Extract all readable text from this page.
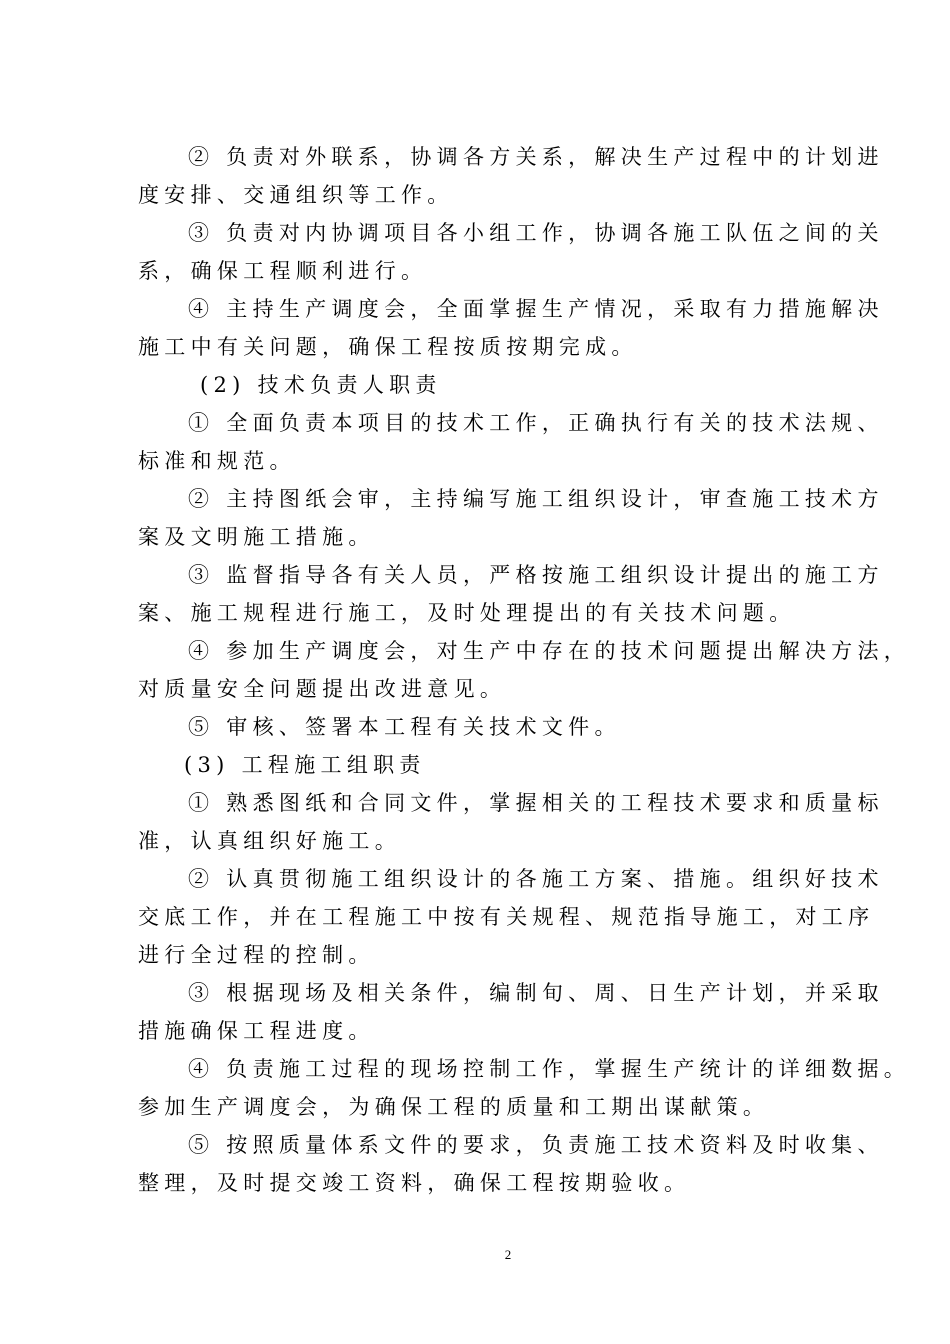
② 负责对外联系，协调各方关系，解决生产过程中的计划进
度安排、交通组织等工作。
③ 负责对内协调项目各小组工作，协调各施工队伍之间的关
系，确保工程顺利进行。
④ 主持生产调度会，全面掌握生产情况，采取有力措施解决
施工中有关问题，确保工程按质按期完成。
(2) 技术负责人职责
① 全面负责本项目的技术工作，正确执行有关的技术法规、
标准和规范。
② 主持图纸会审，主持编写施工组织设计，审查施工技术方
案及文明施工措施。
③ 监督指导各有关人员，严格按施工组织设计提出的施工方
案、施工规程进行施工，及时处理提出的有关技术问题。
④ 参加生产调度会，对生产中存在的技术问题提出解决方法，
对质量安全问题提出改进意见。
⑤ 审核、签署本工程有关技术文件。
(3) 工程施工组职责
① 熟悉图纸和合同文件，掌握相关的工程技术要求和质量标
准，认真组织好施工。
② 认真贯彻施工组织设计的各施工方案、措施。组织好技术
交底工作，并在工程施工中按有关规程、规范指导施工，对工序
进行全过程的控制。
③ 根据现场及相关条件，编制旬、周、日生产计划，并采取
措施确保工程进度。
④ 负责施工过程的现场控制工作，掌握生产统计的详细数据。
参加生产调度会，为确保工程的质量和工期出谋献策。
⑤ 按照质量体系文件的要求，负责施工技术资料及时收集、
整理，及时提交竣工资料，确保工程按期验收。
2
